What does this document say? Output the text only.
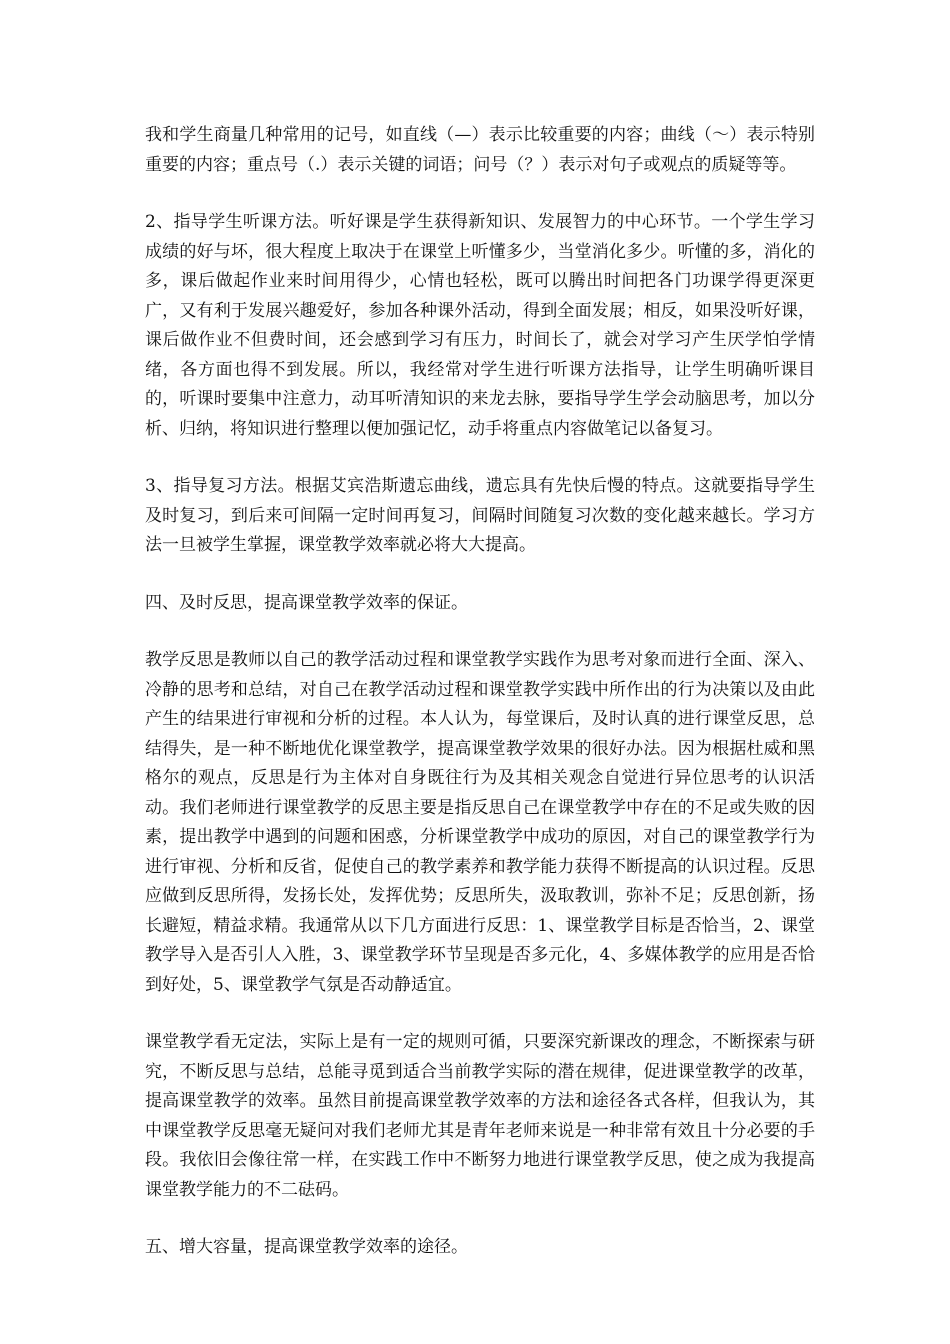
我和学生商量几种常用的记号，如直线（—）表示比较重要的内容；曲线（～）表示特别重要的内容；重点号（.）表示关键的词语；问号（？）表示对句子或观点的质疑等等。

2、指导学生听课方法。听好课是学生获得新知识、发展智力的中心环节。一个学生学习成绩的好与坏，很大程度上取决于在课堂上听懂多少，当堂消化多少。听懂的多，消化的多，课后做起作业来时间用得少，心情也轻松，既可以腾出时间把各门功课学得更深更广，又有利于发展兴趣爱好，参加各种课外活动，得到全面发展；相反，如果没听好课，课后做作业不但费时间，还会感到学习有压力，时间长了，就会对学习产生厌学怕学情绪，各方面也得不到发展。所以，我经常对学生进行听课方法指导，让学生明确听课目的，听课时要集中注意力，动耳听清知识的来龙去脉，要指导学生学会动脑思考，加以分析、归纳，将知识进行整理以便加强记忆，动手将重点内容做笔记以备复习。

3、指导复习方法。根据艾宾浩斯遗忘曲线，遗忘具有先快后慢的特点。这就要指导学生及时复习，到后来可间隔一定时间再复习，间隔时间随复习次数的变化越来越长。学习方法一旦被学生掌握，课堂教学效率就必将大大提高。

四、及时反思，提高课堂教学效率的保证。

教学反思是教师以自己的教学活动过程和课堂教学实践作为思考对象而进行全面、深入、冷静的思考和总结，对自己在教学活动过程和课堂教学实践中所作出的行为决策以及由此产生的结果进行审视和分析的过程。本人认为，每堂课后，及时认真的进行课堂反思，总结得失，是一种不断地优化课堂教学，提高课堂教学效果的很好办法。因为根据杜威和黑格尔的观点，反思是行为主体对自身既往行为及其相关观念自觉进行异位思考的认识活动。我们老师进行课堂教学的反思主要是指反思自己在课堂教学中存在的不足或失败的因素，提出教学中遇到的问题和困惑，分析课堂教学中成功的原因，对自己的课堂教学行为进行审视、分析和反省，促使自己的教学素养和教学能力获得不断提高的认识过程。反思应做到反思所得，发扬长处，发挥优势；反思所失，汲取教训，弥补不足；反思创新，扬长避短，精益求精。我通常从以下几方面进行反思：1、课堂教学目标是否恰当，2、课堂教学导入是否引人入胜，3、课堂教学环节呈现是否多元化，4、多媒体教学的应用是否恰到好处，5、课堂教学气氛是否动静适宜。

课堂教学看无定法，实际上是有一定的规则可循，只要深究新课改的理念，不断探索与研究，不断反思与总结，总能寻觅到适合当前教学实际的潜在规律，促进课堂教学的改革，提高课堂教学的效率。虽然目前提高课堂教学效率的方法和途径各式各样，但我认为，其中课堂教学反思毫无疑问对我们老师尤其是青年老师来说是一种非常有效且十分必要的手段。我依旧会像往常一样，在实践工作中不断努力地进行课堂教学反思，使之成为我提高课堂教学能力的不二砝码。

五、增大容量，提高课堂教学效率的途径。
